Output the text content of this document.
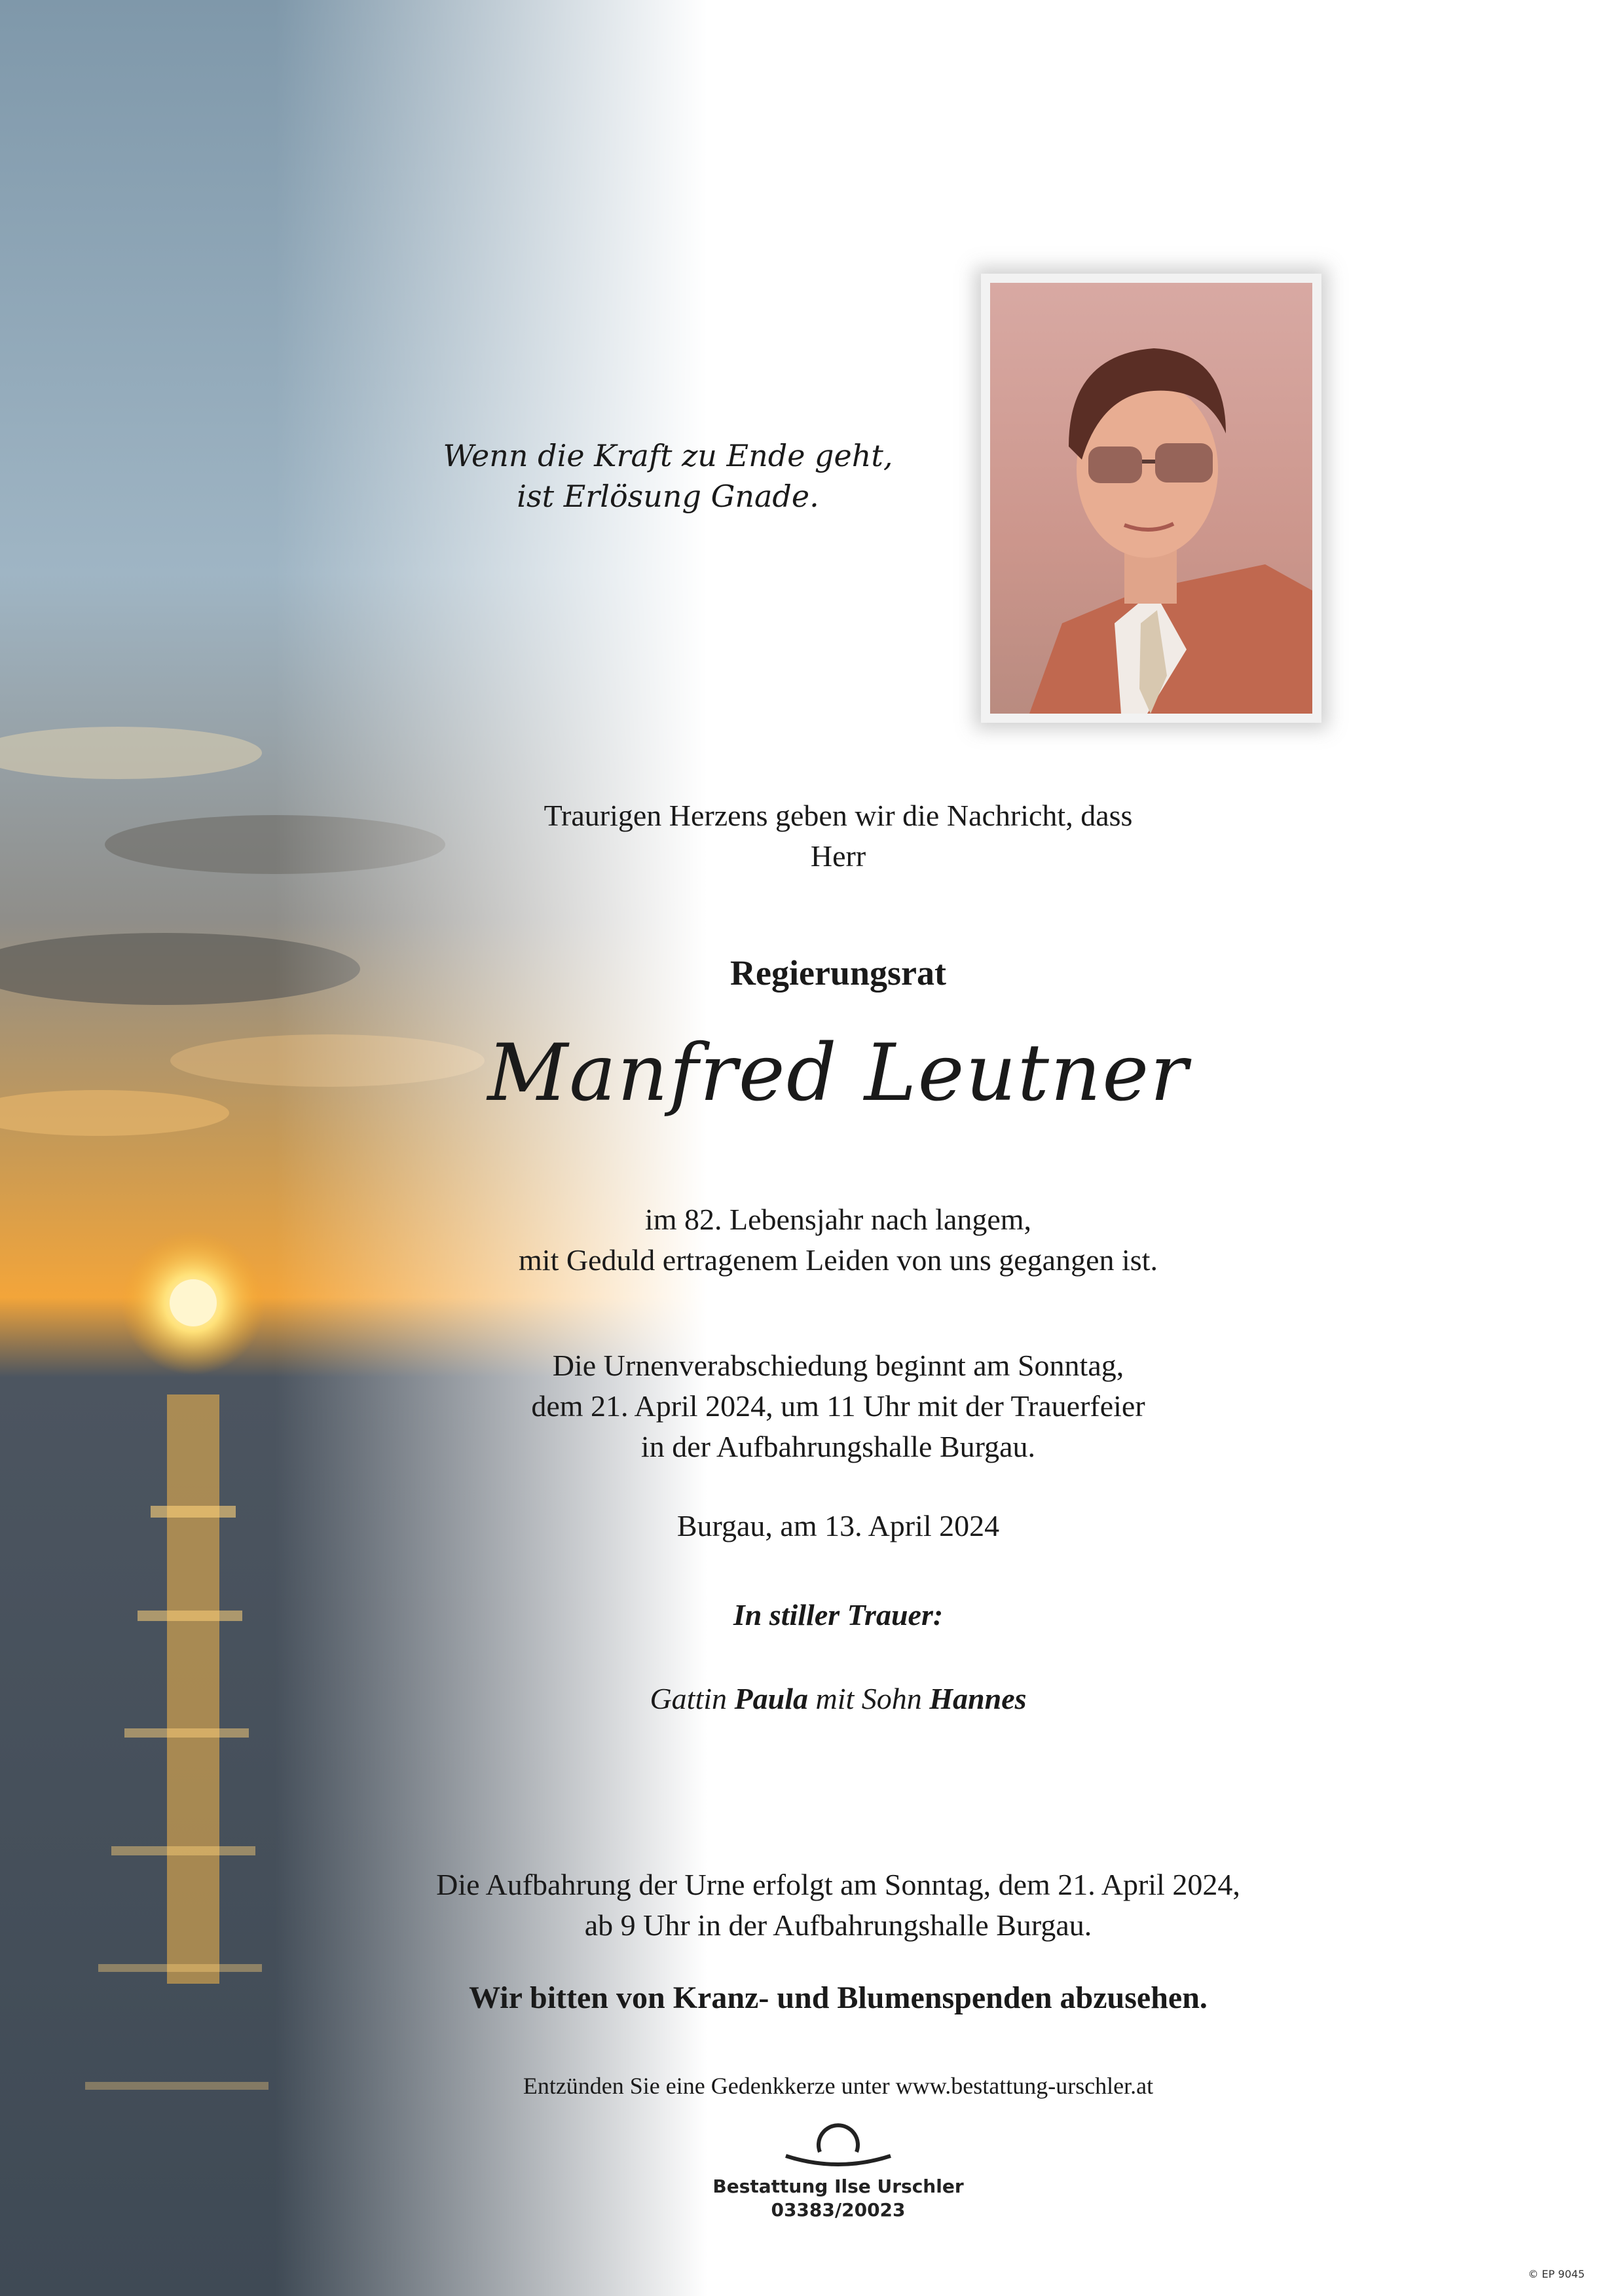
Wenn die Kraft zu Ende geht,
ist Erlösung Gnade.
Traurigen Herzens geben wir die Nachricht, dass
Herr
Regierungsrat
Manfred Leutner
im 82. Lebensjahr nach langem,
mit Geduld ertragenem Leiden von uns gegangen ist.
Die Urnenverabschiedung beginnt am Sonntag,
dem 21. April 2024, um 11 Uhr mit der Trauerfeier
in der Aufbahrungshalle Burgau.
Burgau, am 13. April 2024
In stiller Trauer:
Gattin Paula mit Sohn Hannes
Die Aufbahrung der Urne erfolgt am Sonntag, dem 21. April 2024,
ab 9 Uhr in der Aufbahrungshalle Burgau.
Wir bitten von Kranz- und Blumenspenden abzusehen.
Entzünden Sie eine Gedenkkerze unter www.bestattung-urschler.at
Bestattung Ilse Urschler
03383/20023
© EP 9045
